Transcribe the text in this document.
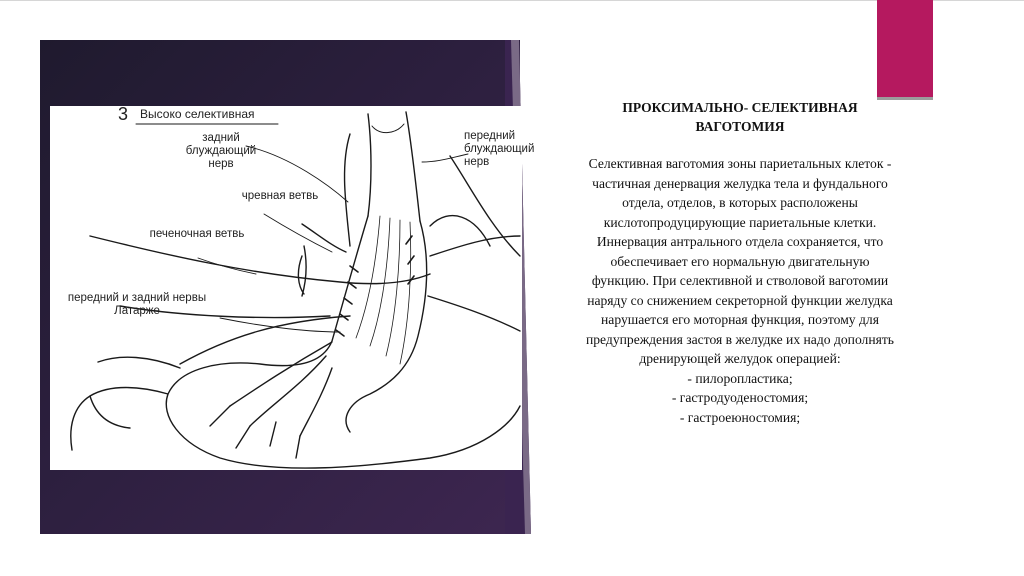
3 Высоко селективная
задний блуждающий нерв
передний блуждающий нерв
чревная ветвь
печеночная ветвь
передний и задний нервы Латарже
ПРОКСИМАЛЬНО- СЕЛЕКТИВНАЯ ВАГОТОМИЯ

Селективная ваготомия зоны париетальных клеток - частичная денервация желудка тела и фундального отдела, отделов, в которых расположены кислотопродуцирующие париетальные клетки. Иннервация антрального отдела сохраняется, что обеспечивает его нормальную двигательную функцию. При селективной и стволовой ваготомии наряду со снижением секреторной функции желудка нарушается его моторная функция, поэтому для предупреждения застоя в желудке их надо дополнять дренирующей желудок операцией:

- пилоропластика;
- гастродуоденостомия;
- гастроеюностомия;
